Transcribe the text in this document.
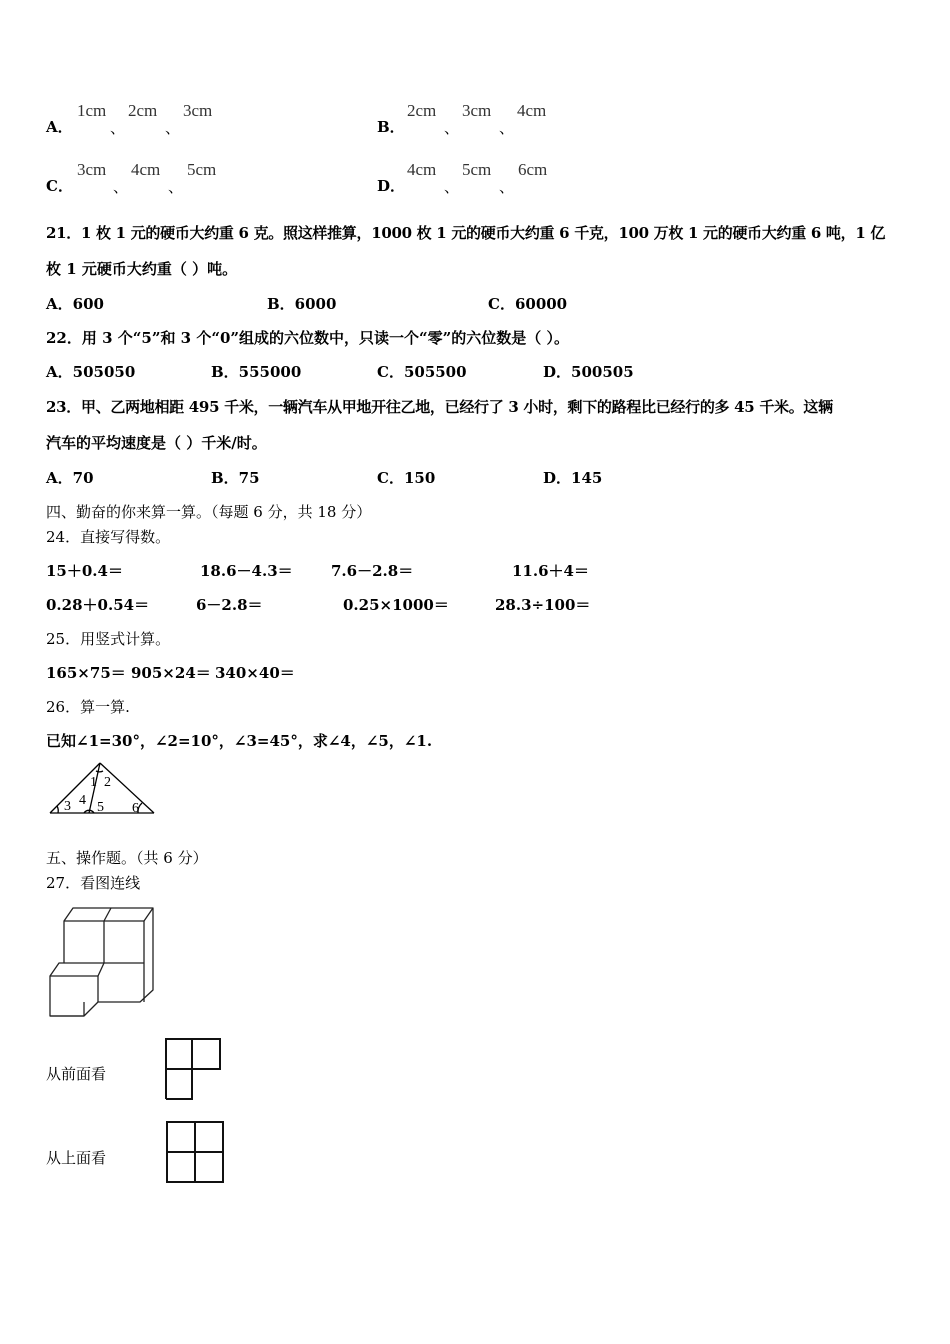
A．
1cm
、
2cm
、
3cm
B．
2cm
、
3cm
、
4cm
C．
3cm
、
4cm
、
5cm
D．
4cm
、
5cm
、
6cm
21．1 枚 1 元的硬币大约重 6 克。照这样推算，1000 枚 1 元的硬币大约重 6 千克，100 万枚 1 元的硬币大约重 6 吨，1 亿
枚 1 元硬币大约重（ ）吨。
A．600	B．6000	C．60000
22．用 3 个“5”和 3 个“0”组成的六位数中，只读一个“零”的六位数是（ ）。
A．505050	B．555000	C．505500	D．500505
23．甲、乙两地相距 495 千米，一辆汽车从甲地开往乙地，已经行了 3 小时，剩下的路程比已经行的多 45 千米。这辆
汽车的平均速度是（ ）千米/时。
A．70	B．75	C．150	D．145
四、勤奋的你来算一算。（每题 6 分，共 18 分）
24．直接写得数。
15＋0.4＝	18.6－4.3＝	7.6－2.8＝	11.6＋4＝
0.28＋0.54＝	6－2.8＝	0.25×1000＝	28.3÷100＝
25．用竖式计算。
165×75＝ 905×24＝ 340×40＝
26．算一算.
已知∠1=30°，∠2=10°，∠3=45°，求∠4，∠5，∠1.
1 2
3 4 5 6
五、操作题。（共 6 分）
27．看图连线
从前面看
从上面看
